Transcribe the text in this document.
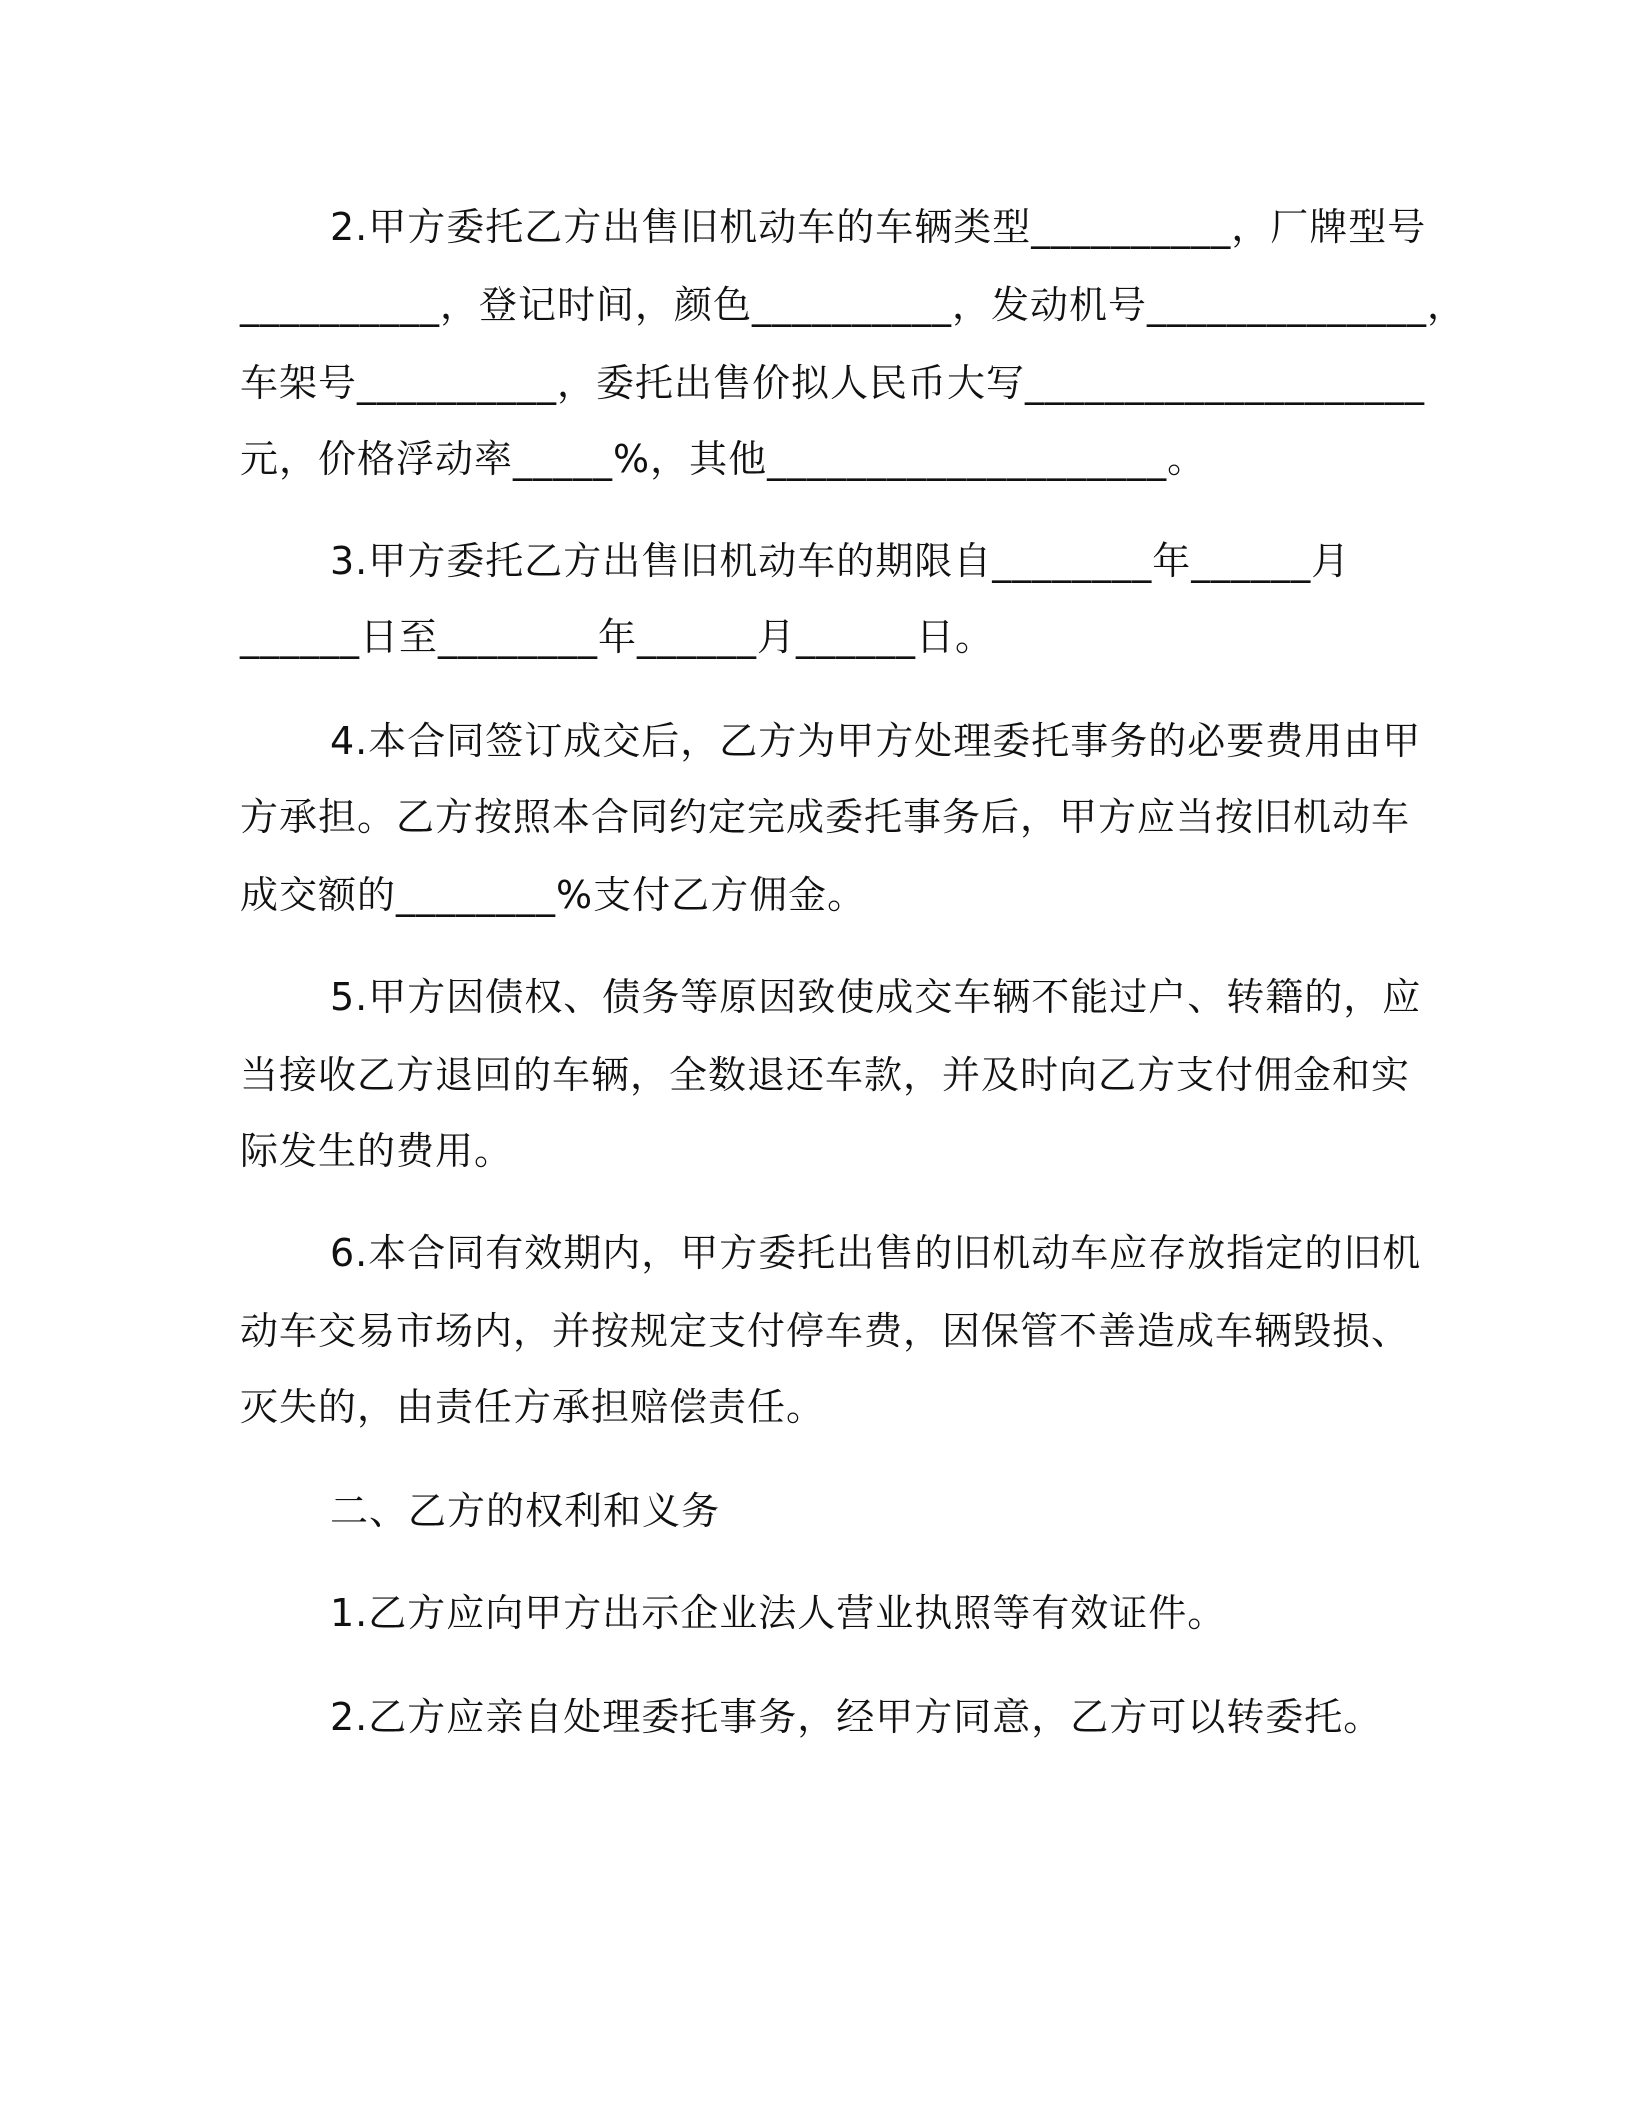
2.甲方委托乙方出售旧机动车的车辆类型__________，厂牌型号
__________，登记时间，颜色__________，发动机号______________，
车架号__________，委托出售价拟人民币大写____________________
元，价格浮动率_____%，其他____________________。
3.甲方委托乙方出售旧机动车的期限自________年______月
______日至________年______月______日。
4.本合同签订成交后，乙方为甲方处理委托事务的必要费用由甲
方承担。乙方按照本合同约定完成委托事务后，甲方应当按旧机动车
成交额的________%支付乙方佣金。
5.甲方因债权、债务等原因致使成交车辆不能过户、转籍的，应
当接收乙方退回的车辆，全数退还车款，并及时向乙方支付佣金和实
际发生的费用。
6.本合同有效期内，甲方委托出售的旧机动车应存放指定的旧机
动车交易市场内，并按规定支付停车费，因保管不善造成车辆毁损、
灭失的，由责任方承担赔偿责任。
二、乙方的权利和义务
1.乙方应向甲方出示企业法人营业执照等有效证件。
2.乙方应亲自处理委托事务，经甲方同意，乙方可以转委托。
